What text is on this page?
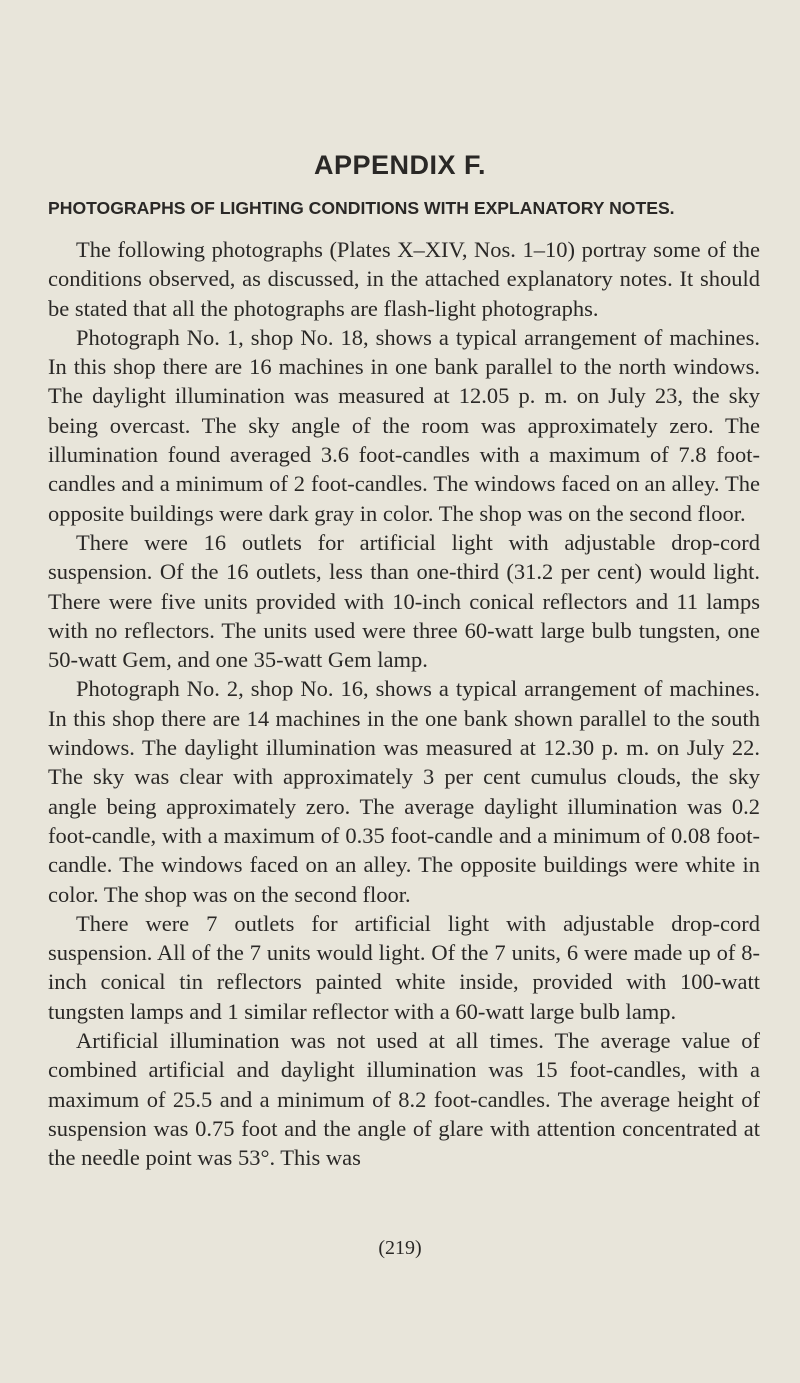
APPENDIX F.
PHOTOGRAPHS OF LIGHTING CONDITIONS WITH EXPLANATORY NOTES.

The following photographs (Plates X–XIV, Nos. 1–10) portray some of the conditions observed, as discussed, in the attached explanatory notes. It should be stated that all the photographs are flash-light photographs.

Photograph No. 1, shop No. 18, shows a typical arrangement of machines. In this shop there are 16 machines in one bank parallel to the north windows. The daylight illumination was measured at 12.05 p. m. on July 23, the sky being overcast. The sky angle of the room was approximately zero. The illumination found averaged 3.6 foot-candles with a maximum of 7.8 foot-candles and a minimum of 2 foot-candles. The windows faced on an alley. The opposite buildings were dark gray in color. The shop was on the second floor.

There were 16 outlets for artificial light with adjustable drop-cord suspension. Of the 16 outlets, less than one-third (31.2 per cent) would light. There were five units provided with 10-inch conical reflectors and 11 lamps with no reflectors. The units used were three 60-watt large bulb tungsten, one 50-watt Gem, and one 35-watt Gem lamp.

Photograph No. 2, shop No. 16, shows a typical arrangement of machines. In this shop there are 14 machines in the one bank shown parallel to the south windows. The daylight illumination was measured at 12.30 p. m. on July 22. The sky was clear with approximately 3 per cent cumulus clouds, the sky angle being approximately zero. The average daylight illumination was 0.2 foot-candle, with a maximum of 0.35 foot-candle and a minimum of 0.08 foot-candle. The windows faced on an alley. The opposite buildings were white in color. The shop was on the second floor.

There were 7 outlets for artificial light with adjustable drop-cord suspension. All of the 7 units would light. Of the 7 units, 6 were made up of 8-inch conical tin reflectors painted white inside, provided with 100-watt tungsten lamps and 1 similar reflector with a 60-watt large bulb lamp.

Artificial illumination was not used at all times. The average value of combined artificial and daylight illumination was 15 foot-candles, with a maximum of 25.5 and a minimum of 8.2 foot-candles. The average height of suspension was 0.75 foot and the angle of glare with attention concentrated at the needle point was 53°. This was

(219)
